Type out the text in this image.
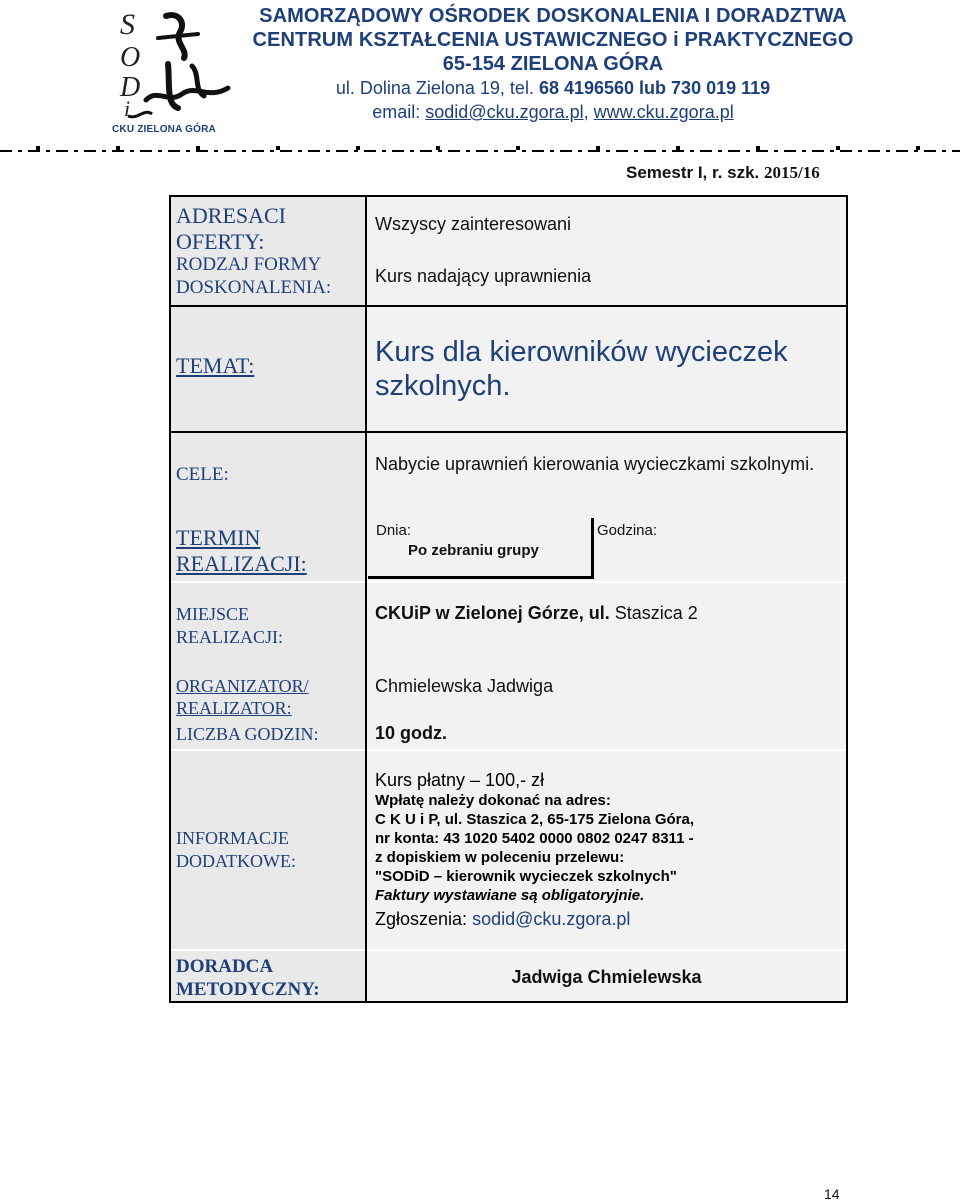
S
O
D
i
CKU ZIELONA GÓRA
SAMORZĄDOWY OŚRODEK DOSKONALENIA I DORADZTWA
CENTRUM KSZTAŁCENIA USTAWICZNEGO i PRAKTYCZNEGO
65-154 ZIELONA GÓRA
ul. Dolina Zielona 19, tel. 68 4196560 lub 730 019 119
email: sodid@cku.zgora.pl, www.cku.zgora.pl
Semestr I, r. szk. 2015/16
ADRESACI OFERTY:
RODZAJ FORMY DOSKONALENIA:
TEMAT:
CELE:
TERMIN REALIZACJI:
MIEJSCE REALIZACJI:
ORGANIZATOR/
REALIZATOR:
LICZBA GODZIN:
INFORMACJE DODATKOWE:
DORADCA METODYCZNY:
Wszyscy zainteresowani
Kurs nadający uprawnienia
Kurs dla kierowników wycieczek szkolnych.
Nabycie uprawnień kierowania wycieczkami szkolnymi.
Dnia:
Po zebraniu grupy
Godzina:
CKUiP w Zielonej Górze, ul. Staszica 2
Chmielewska Jadwiga
10 godz.
Kurs płatny – 100,- zł
Wpłatę należy dokonać na adres:
C K U i P, ul. Staszica 2, 65-175 Zielona Góra,
nr konta: 43 1020 5402 0000 0802 0247 8311 -
z dopiskiem w poleceniu przelewu:
"SODiD – kierownik wycieczek szkolnych"
Faktury wystawiane są obligatoryjnie.
Zgłoszenia: sodid@cku.zgora.pl
Jadwiga Chmielewska
14
